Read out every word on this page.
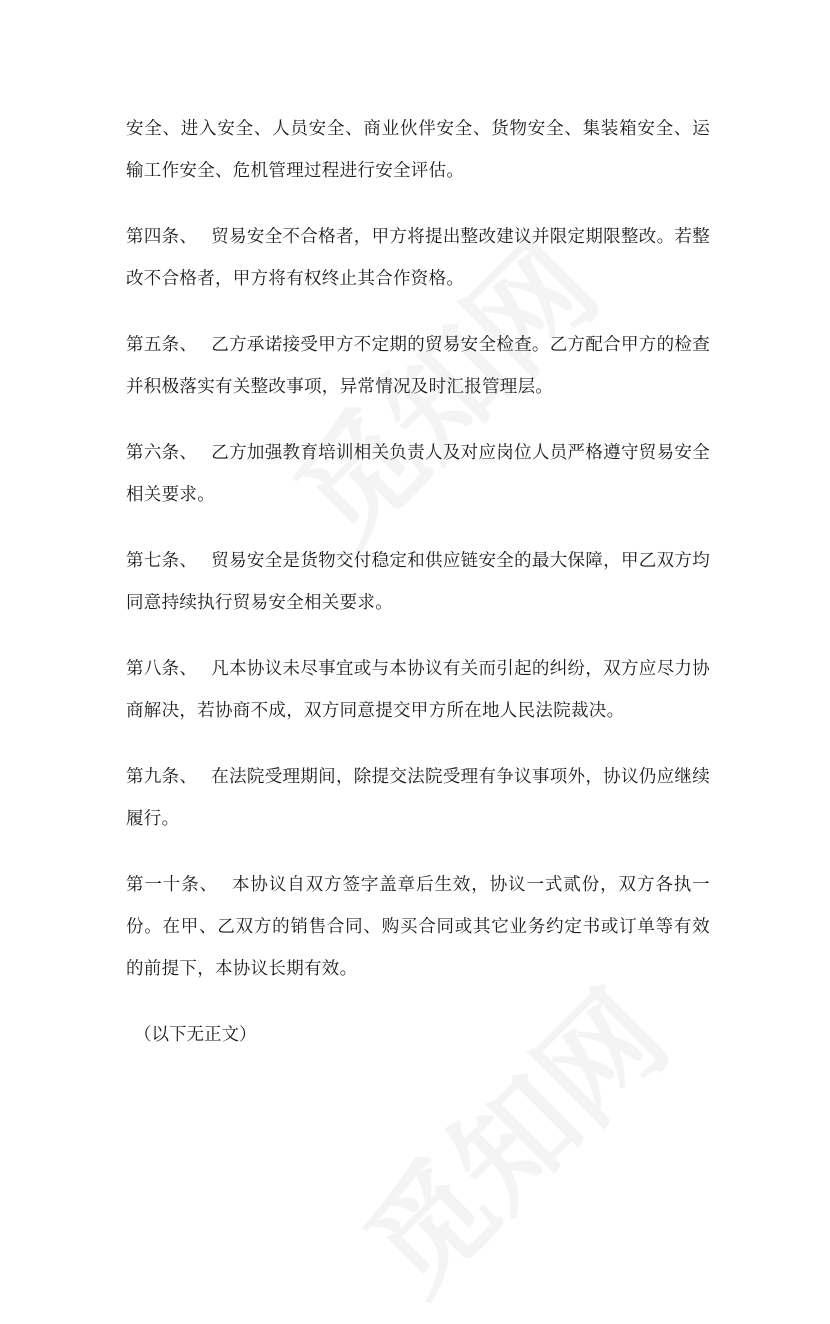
安全、进入安全、人员安全、商业伙伴安全、货物安全、集装箱安全、运输工作安全、危机管理过程进行安全评估。

第四条、 贸易安全不合格者，甲方将提出整改建议并限定期限整改。若整改不合格者，甲方将有权终止其合作资格。

第五条、 乙方承诺接受甲方不定期的贸易安全检查。乙方配合甲方的检查并积极落实有关整改事项，异常情况及时汇报管理层。

第六条、 乙方加强教育培训相关负责人及对应岗位人员严格遵守贸易安全相关要求。

第七条、 贸易安全是货物交付稳定和供应链安全的最大保障，甲乙双方均同意持续执行贸易安全相关要求。

第八条、 凡本协议未尽事宜或与本协议有关而引起的纠纷，双方应尽力协商解决，若协商不成，双方同意提交甲方所在地人民法院裁决。

第九条、 在法院受理期间，除提交法院受理有争议事项外，协议仍应继续履行。

第一十条、 本协议自双方签字盖章后生效，协议一式贰份，双方各执一份。在甲、乙双方的销售合同、购买合同或其它业务约定书或订单等有效的前提下，本协议长期有效。

（以下无正文）
